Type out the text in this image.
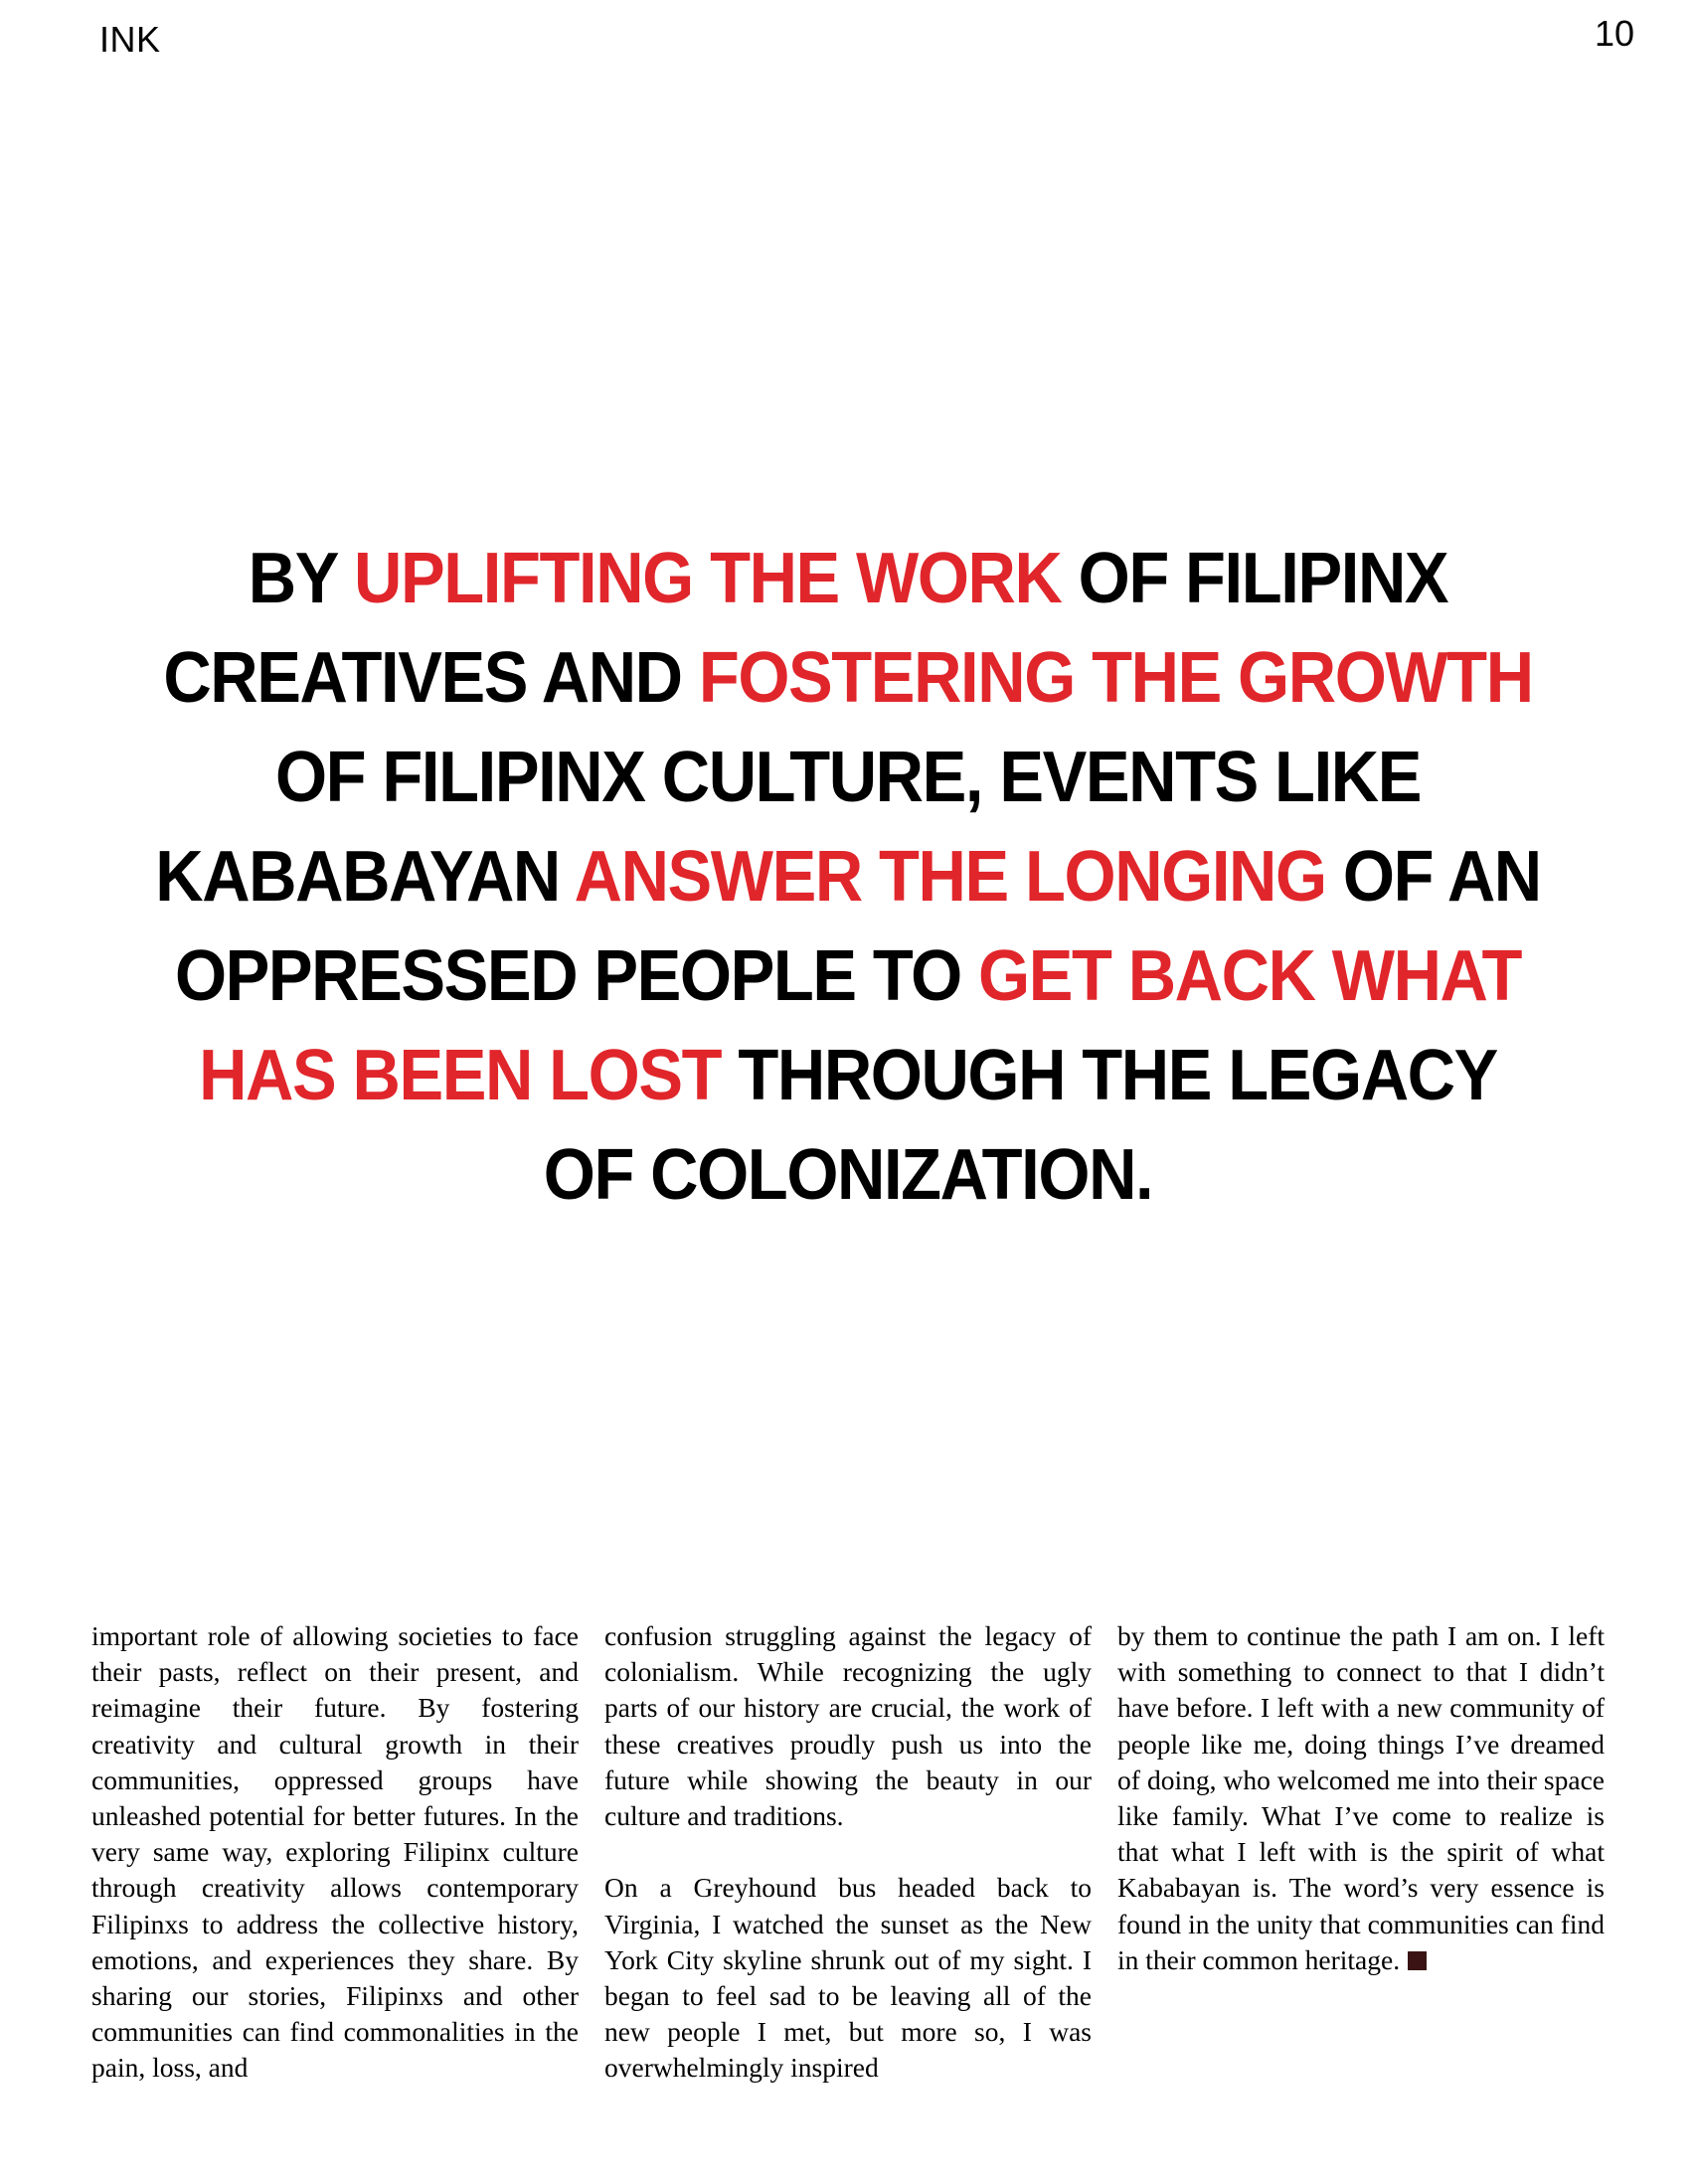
INK	10
BY UPLIFTING THE WORK OF FILIPINX CREATIVES AND FOSTERING THE GROWTH OF FILIPINX CULTURE, EVENTS LIKE KABABAYAN ANSWER THE LONGING OF AN OPPRESSED PEOPLE TO GET BACK WHAT HAS BEEN LOST THROUGH THE LEGACY OF COLONIZATION.

important role of allowing societies to face their pasts, reflect on their present, and reimagine their future. By fostering creativity and cultural growth in their communities, oppressed groups have unleashed potential for better futures. In the very same way, exploring Filipinx culture through creativity allows contemporary Filipinxs to address the collective history, emotions, and experiences they share. By sharing our stories, Filipinxs and other communities can find commonalities in the pain, loss, and

confusion struggling against the legacy of colonialism. While recognizing the ugly parts of our history are crucial, the work of these creatives proudly push us into the future while showing the beauty in our culture and traditions.

On a Greyhound bus headed back to Virginia, I watched the sunset as the New York City skyline shrunk out of my sight. I began to feel sad to be leaving all of the new people I met, but more so, I was overwhelmingly inspired

by them to continue the path I am on. I left with something to connect to that I didn’t have before. I left with a new community of people like me, doing things I’ve dreamed of doing, who welcomed me into their space like family. What I’ve come to realize is that what I left with is the spirit of what Kababayan is. The word’s very essence is found in the unity that communities can find in their common heritage.
